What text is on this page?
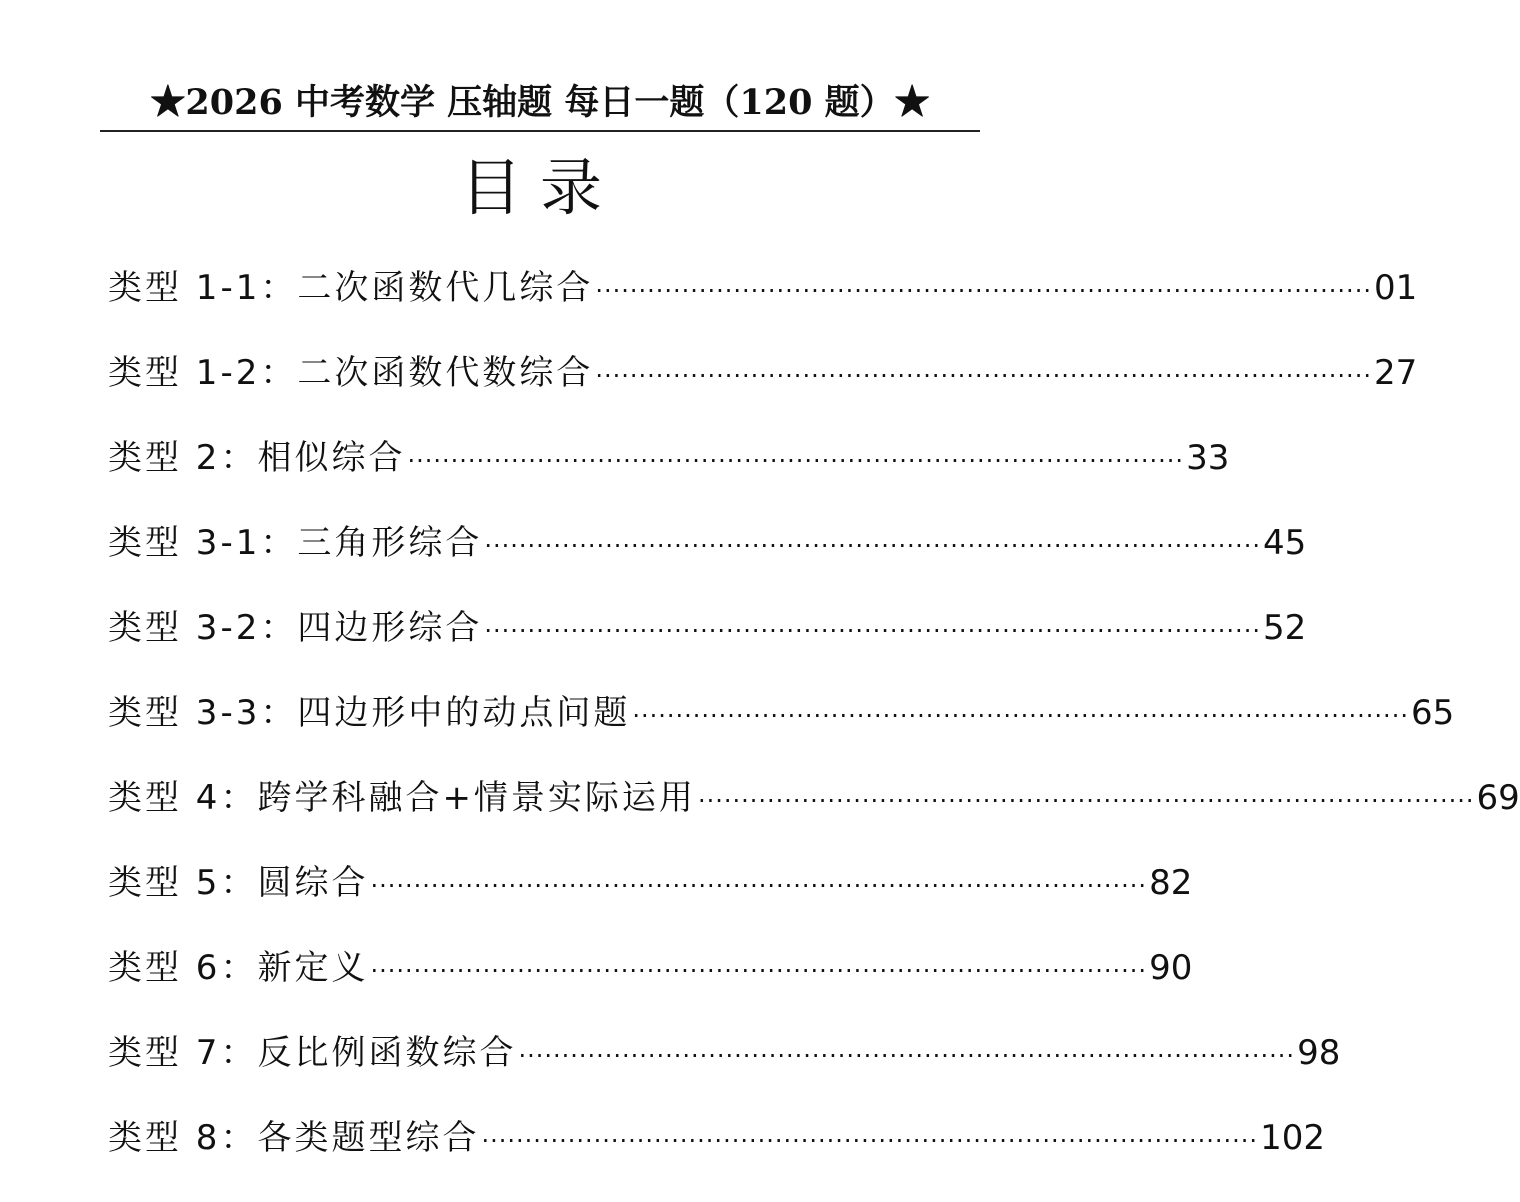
★2026 中考数学 压轴题 每日一题（120 题）★
目录
类型 1-1：二次函数代几综合 ·························································································· 01
类型 1-2：二次函数代数综合 ·························································································· 27
类型 2：相似综合 ·························································································· 33
类型 3-1：三角形综合 ·························································································· 45
类型 3-2：四边形综合 ·························································································· 52
类型 3-3：四边形中的动点问题 ·························································································· 65
类型 4：跨学科融合+情景实际运用 ·························································································· 69
类型 5：圆综合 ·························································································· 82
类型 6：新定义 ·························································································· 90
类型 7：反比例函数综合 ·························································································· 98
类型 8：各类题型综合 ·························································································· 102
